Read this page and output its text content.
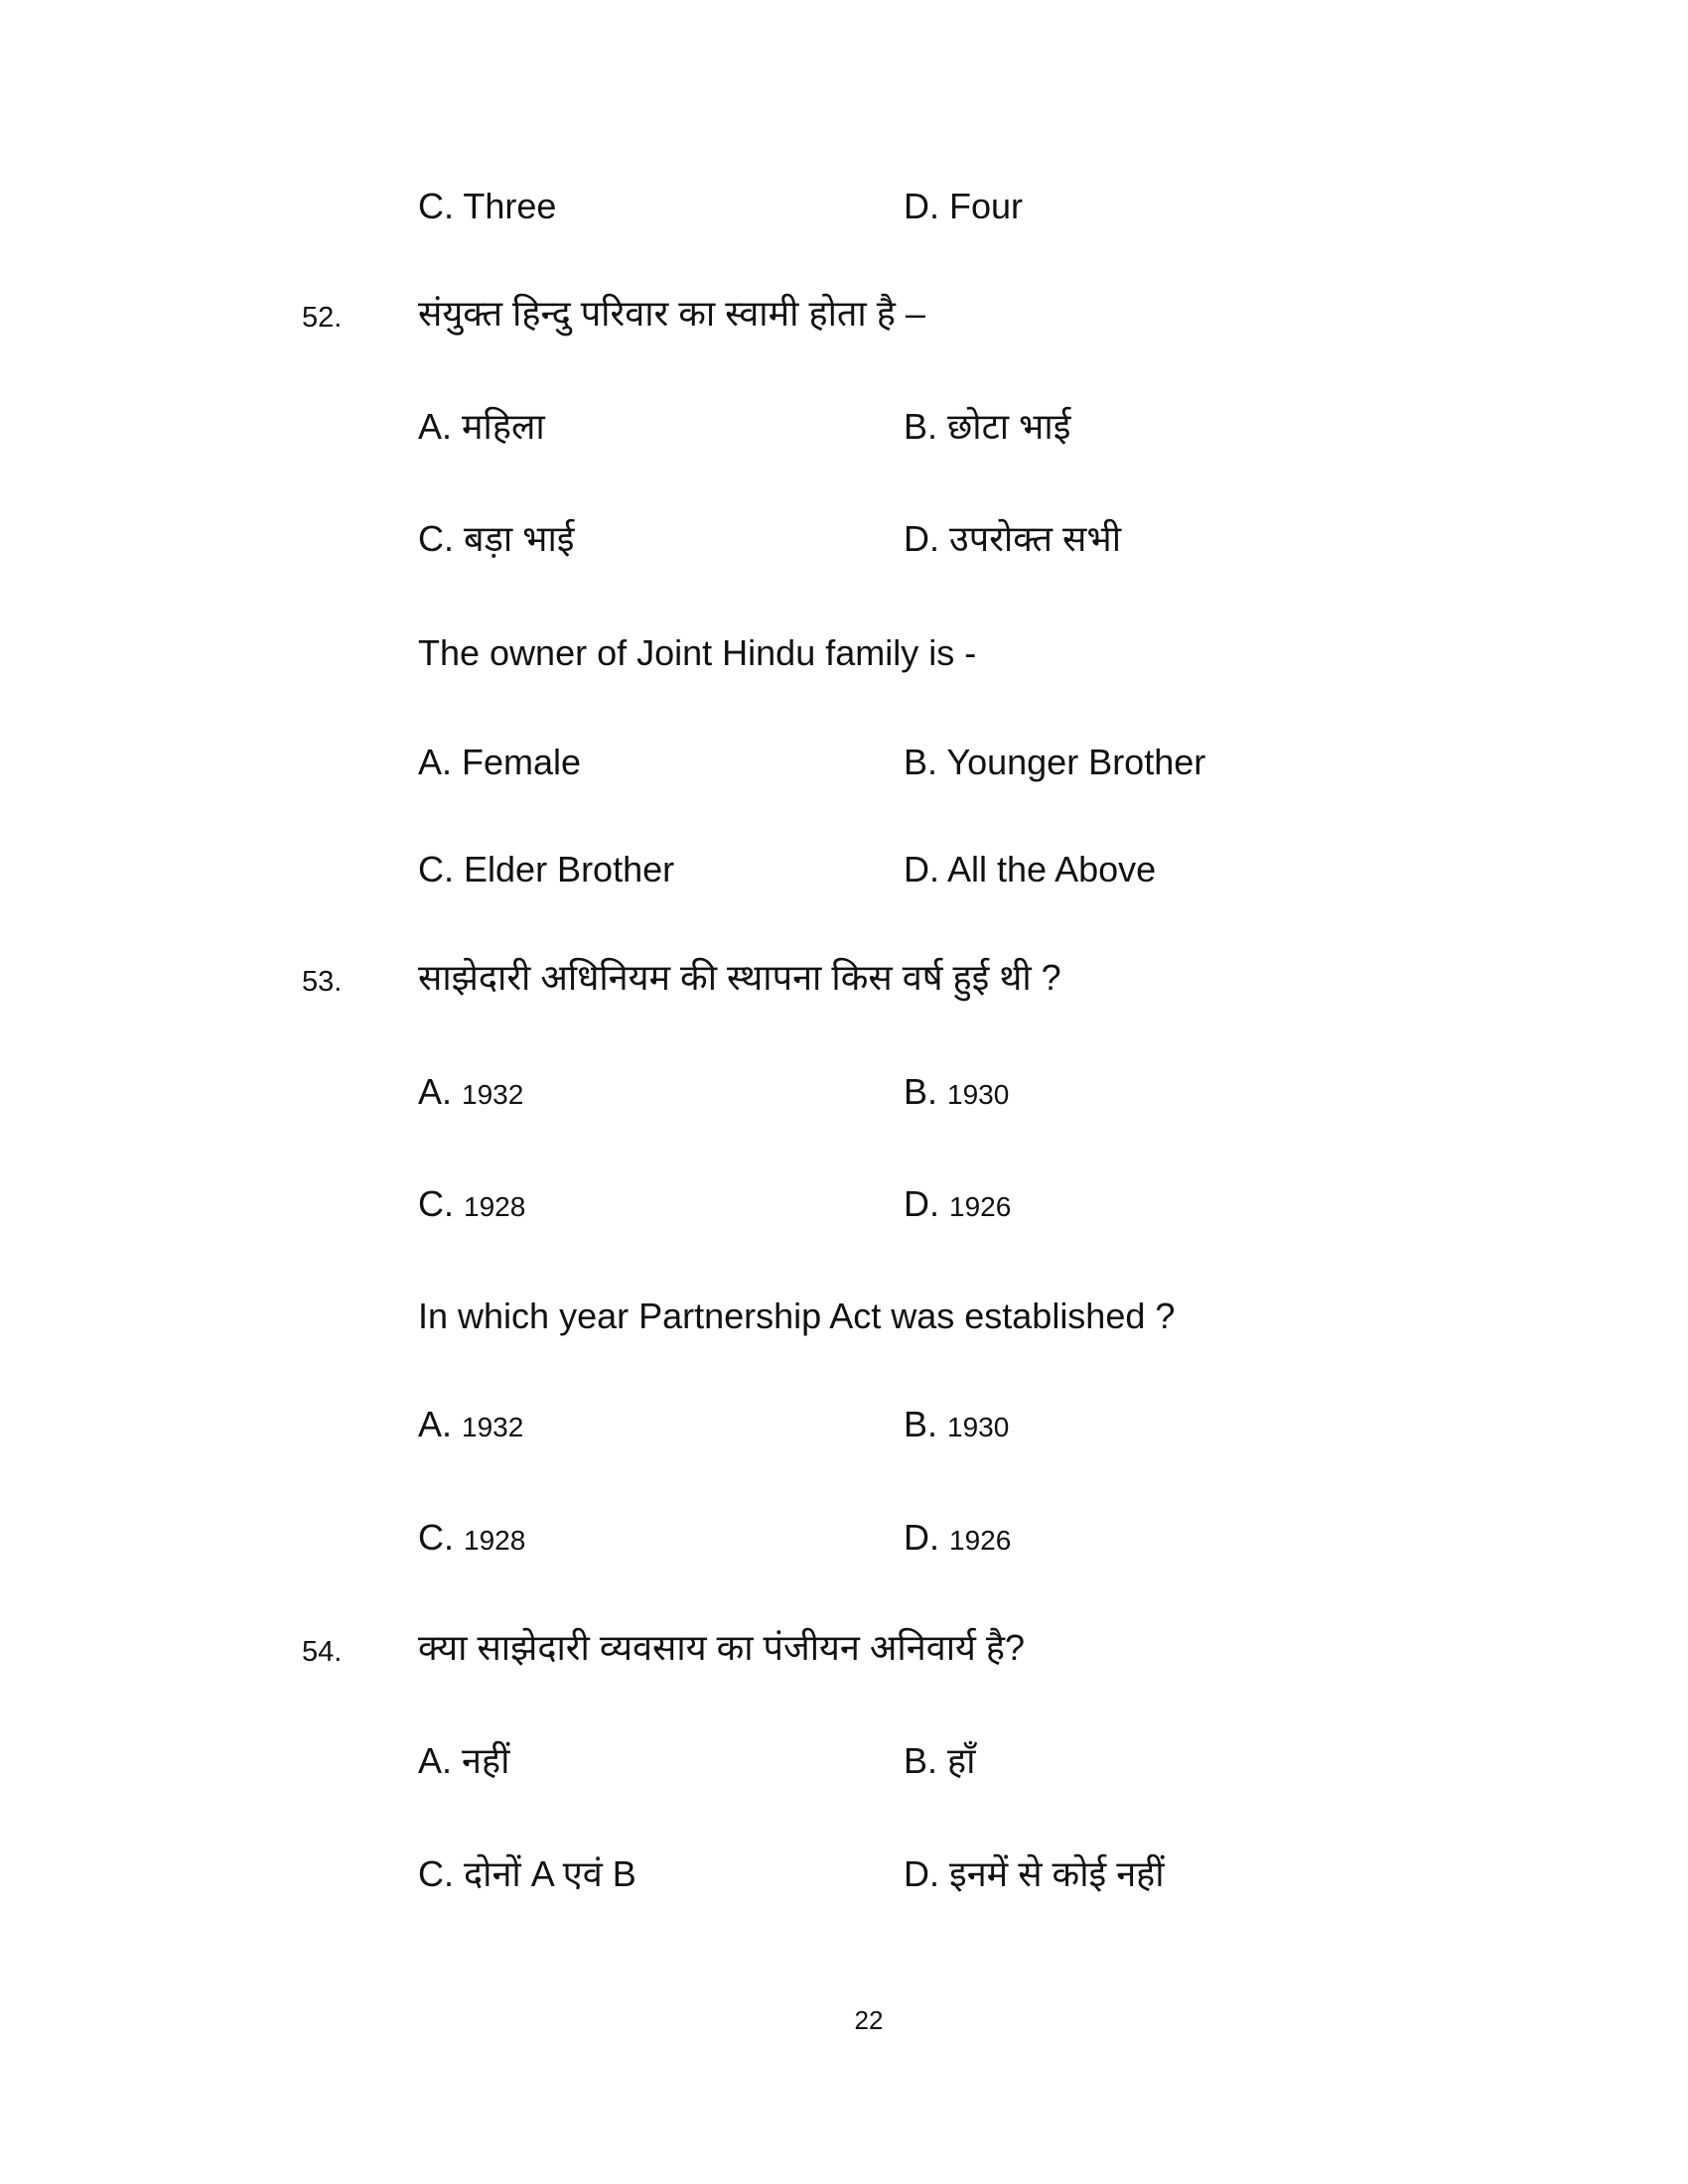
C. Three	D. Four
52. संयुक्त हिन्दु परिवार का स्वामी होता है –
A. महिला	B. छोटा भाई
C. बड़ा भाई	D. उपरोक्त सभी
The owner of Joint Hindu family is -
A. Female	B. Younger Brother
C. Elder Brother	D. All the Above
53. साझेदारी अधिनियम की स्थापना किस वर्ष हुई थी ?
A. 1932	B. 1930
C. 1928	D. 1926
In which year Partnership Act was established ?
A. 1932	B. 1930
C. 1928	D. 1926
54. क्या साझेदारी व्यवसाय का पंजीयन अनिवार्य है?
A. नहीं	B. हाँ
C. दोनों A एवं B	D. इनमें से कोई नहीं
22
